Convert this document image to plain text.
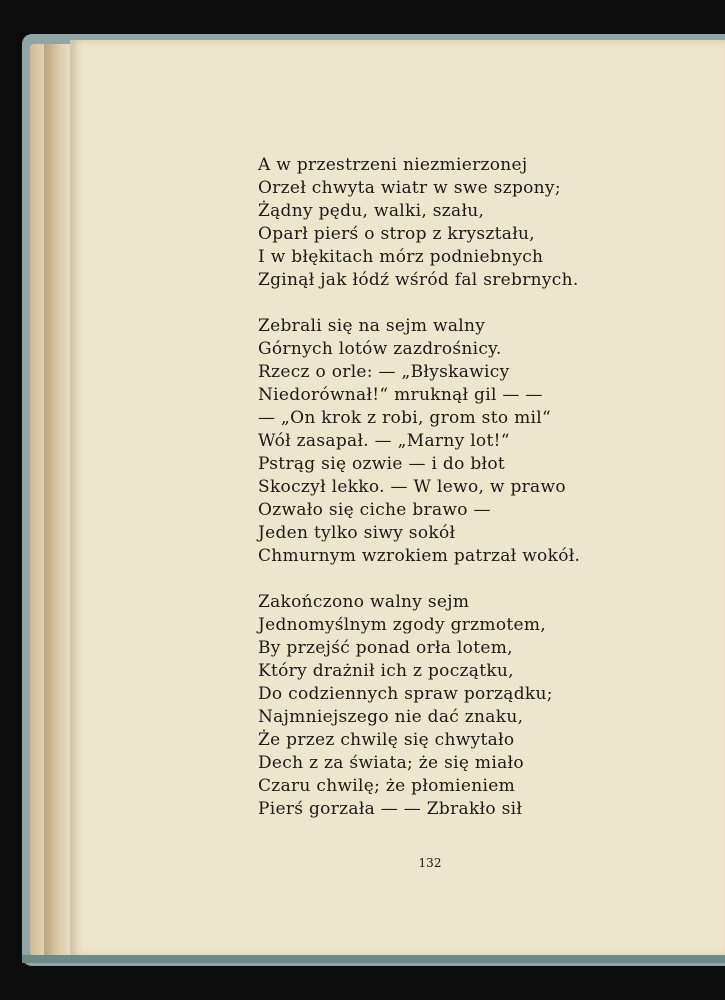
A w przestrzeni niezmierzonej
Orzeł chwyta wiatr w swe szpony;
Żądny pędu, walki, szału,
Oparł pierś o strop z kryształu,
I w błękitach mórz podniebnych
Zginął jak łódź wśród fal srebrnych.
Zebrali się na sejm walny
Górnych lotów zazdrośnicy.
Rzecz o orle: — „Błyskawicy
Niedorównał!“ mruknął gil — —
— „On krok z robi, grom sto mil“
Wół zasapał. — „Marny lot!“
Pstrąg się ozwie — i do błot
Skoczył lekko. — W lewo, w prawo
Ozwało się ciche brawo —
Jeden tylko siwy sokół
Chmurnym wzrokiem patrzał wokół.
Zakończono walny sejm
Jednomyślnym zgody grzmotem,
By przejść ponad orła lotem,
Który drażnił ich z początku,
Do codziennych spraw porządku;
Najmniejszego nie dać znaku,
Że przez chwilę się chwytało
Dech z za świata; że się miało
Czaru chwilę; że płomieniem
Pierś gorzała — — Zbrakło sił
132
